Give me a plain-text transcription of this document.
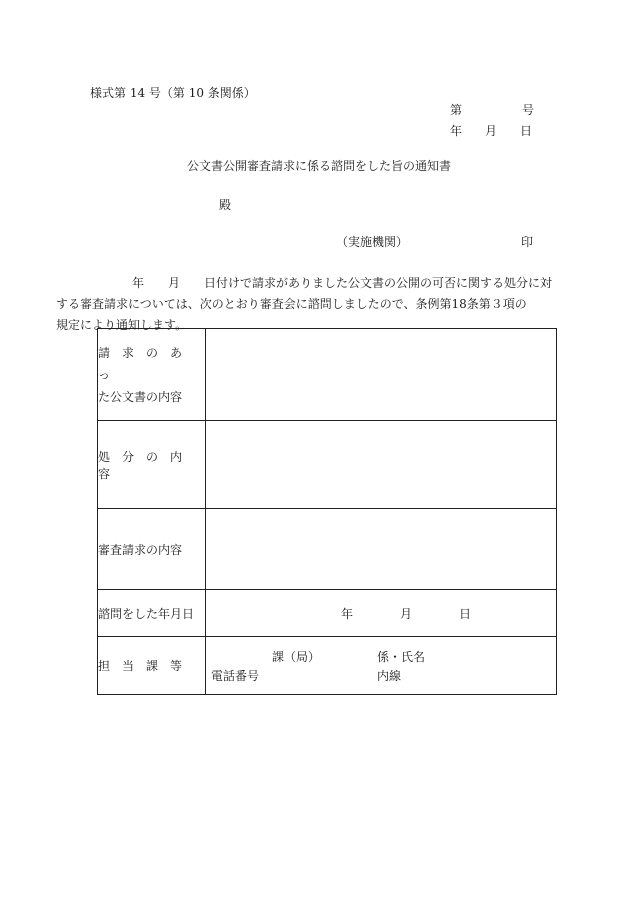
様式第 14 号（第 10 条関係）
第	号
年 月 日
公文書公開審査請求に係る諮問をした旨の通知書
殿
（実施機関）	印
年　　月　　日付けで請求がありました公文書の公開の可否に関する処分に対
する審査請求については、次のとおり審査会に諮問しましたので、条例第18条第３項の
規定により通知します。
請　求　の　あ　っ
た公文書の内容	

処　分　の　内　容	
審査請求の内容	
諮問をした年月日	年 月 日

担　当　課　等	課（局） 係・氏名
電話番号 内線
